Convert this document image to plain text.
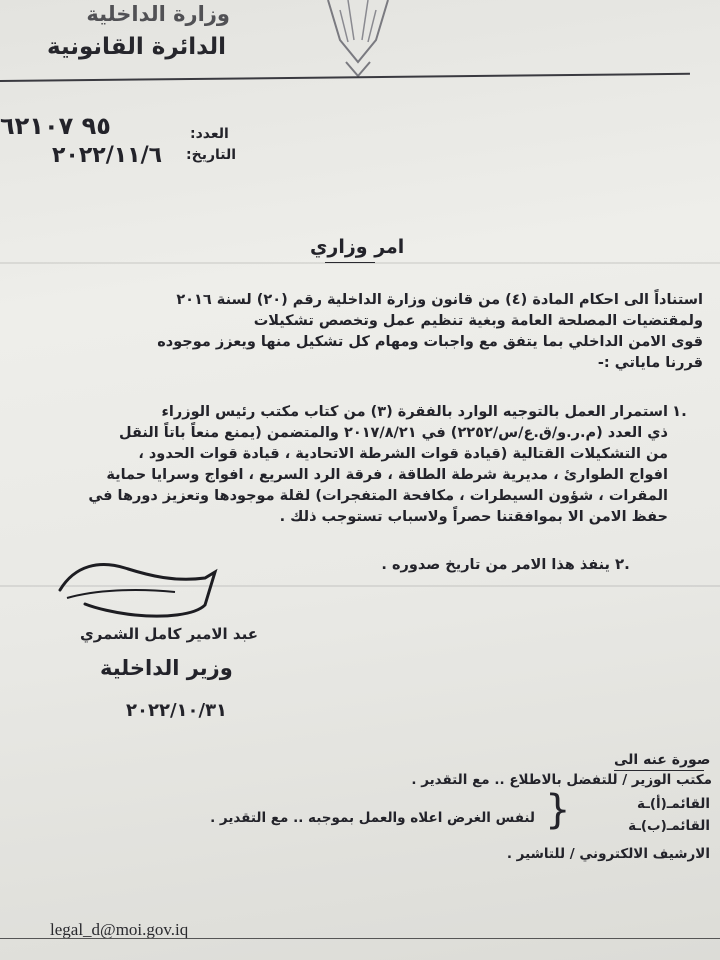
وزارة الداخلية
الدائرة القانونية
٩٥ ٦٢١٠٧
٢٠٢٢/١١/٦
العدد:
التاريخ:
امر وزاري
استناداً الى احكام المادة (٤) من قانون وزارة الداخلية رقم (٢٠) لسنة ٢٠١٦
ولمقتضيات المصلحة العامة وبغية تنظيم عمل وتخصص تشكيلات
قوى الامن الداخلي بما يتفق مع واجبات ومهام كل تشكيل منها ويعزز موجوده
قررنا ماياتي :-
١.
استمرار العمل بالتوجيه الوارد بالفقرة (٣) من كتاب مكتب رئيس الوزراء
ذي العدد (م.ر.و/ق.ع/س/٢٢٥٢) في ٢٠١٧/٨/٢١ والمتضمن (يمنع منعاً باتاً النقل
من التشكيلات القتالية (قيادة قوات الشرطة الاتحادية ، قيادة قوات الحدود ،
افواج الطوارئ ، مديرية شرطة الطاقة ، فرقة الرد السريع ، افواج وسرايا حماية
المقرات ، شؤون السيطرات ، مكافحة المتفجرات) لقلة موجودها وتعزيز دورها في
حفظ الامن الا بموافقتنا حصراً ولاسباب تستوجب ذلك .
٢.
ينفذ هذا الامر من تاريخ صدوره .
عبد الامير كامل الشمري
وزير الداخلية
٢٠٢٢/١٠/٣١
صورة عنه الى
مكتب الوزير / للتفضل بالاطلاع .. مع التقدير .
القائمـ(أ)ـة
القائمـ(ب)ـة
{
لنفس الغرض اعلاه والعمل بموجبه .. مع التقدير .
الارشيف الالكتروني / للتاشير .
legal_d@moi.gov.iq
